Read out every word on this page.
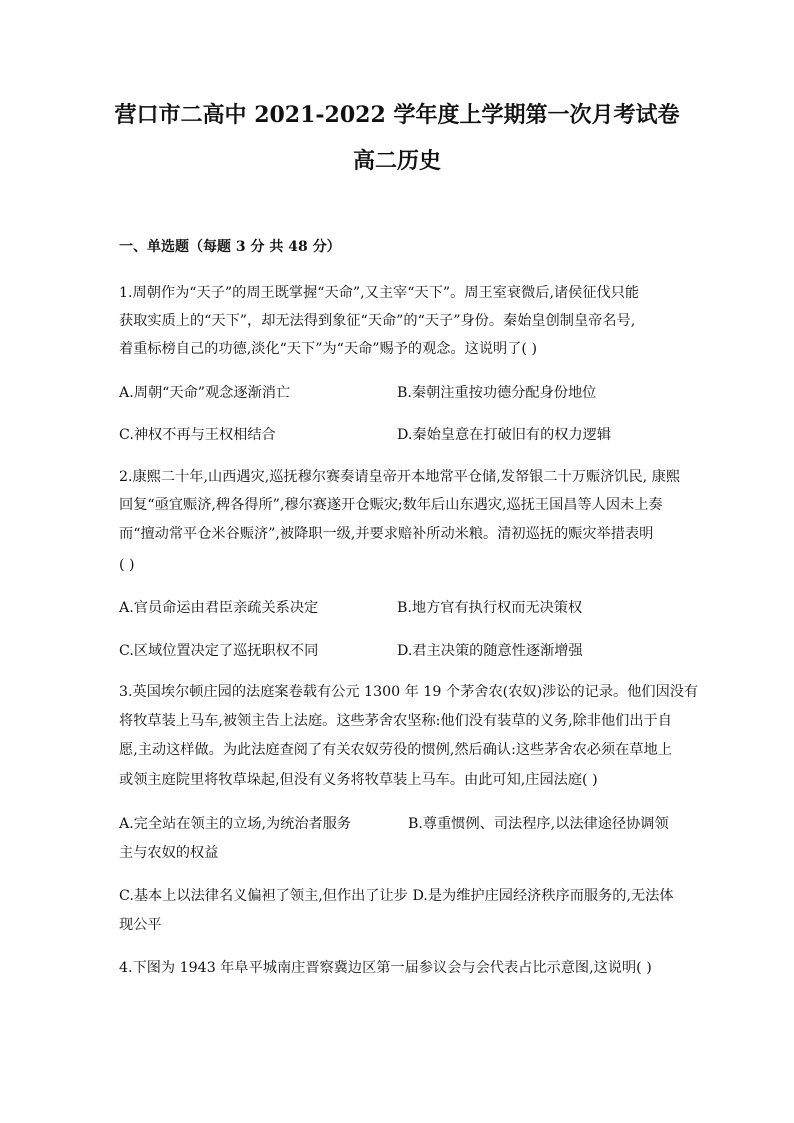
营口市二高中 2021-2022 学年度上学期第一次月考试卷
高二历史
一、单选题（每题 3 分 共 48 分）
1.周朝作为“天子”的周王既掌握“天命”,又主宰“天下”。周王室衰微后,诸侯征伐只能
获取实质上的“天下”，却无法得到象征“天命”的“天子”身份。秦始皇创制皇帝名号,
着重标榜自己的功德,淡化“天下”为“天命”赐予的观念。这说明了( )
A.周朝“天命”观念逐渐消亡	B.秦朝注重按功德分配身份地位
C.神权不再与王权相结合	D.秦始皇意在打破旧有的权力逻辑
2.康熙二十年,山西遇灾,巡抚穆尔赛奏请皇帝开本地常平仓储,发帑银二十万赈济饥民, 康熙
回复“亟宜赈济,稗各得所”,穆尔赛遂开仓赈灾;数年后山东遇灾,巡抚王国昌等人因未上奏
而“擅动常平仓米谷赈济”,被降职一级,并要求赔补所动米粮。清初巡抚的赈灾举措表明
( )
A.官员命运由君臣亲疏关系决定	B.地方官有执行权而无决策权
C.区域位置决定了巡抚职权不同	D.君主决策的随意性逐渐增强
3.英国埃尔顿庄园的法庭案卷载有公元 1300 年 19 个茅舍农(农奴)涉讼的记录。他们因没有
将牧草装上马车,被领主告上法庭。这些茅舍农坚称:他们没有装草的义务,除非他们出于自
愿,主动这样做。为此法庭查阅了有关农奴劳役的惯例,然后确认:这些茅舍农必须在草地上
或领主庭院里将牧草垛起,但没有义务将牧草装上马车。由此可知,庄园法庭( )
A.完全站在领主的立场,为统治者服务	B.尊重惯例、司法程序,以法律途径协调领
主与农奴的权益
C.基本上以法律名义偏袒了领主,但作出了让步 D.是为维护庄园经济秩序而服务的,无法体
现公平
4.下图为 1943 年阜平城南庄晋察冀边区第一届参议会与会代表占比示意图,这说明( )
